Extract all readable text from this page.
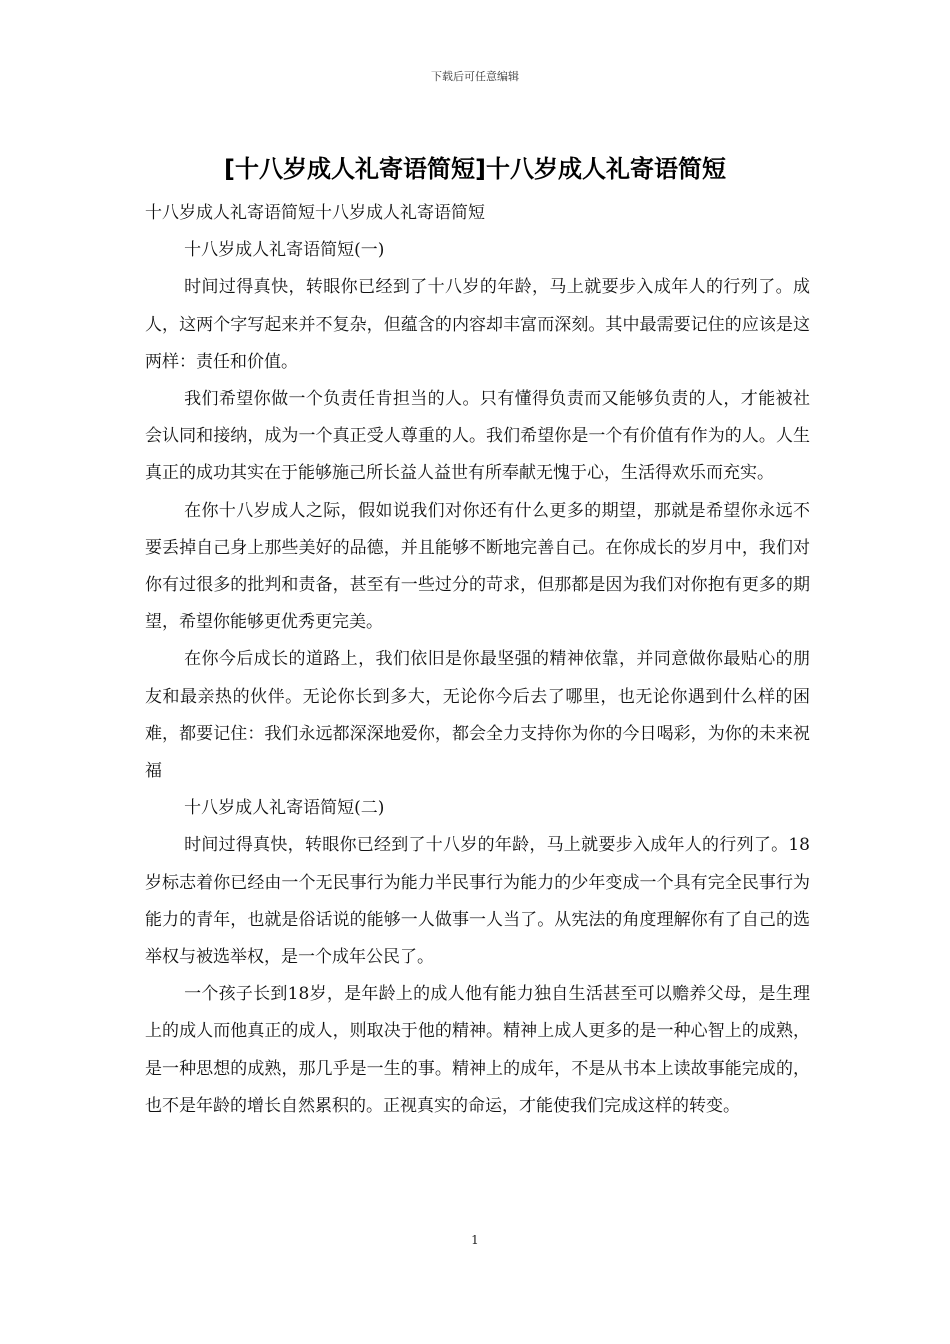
下载后可任意编辑
[十八岁成人礼寄语简短]十八岁成人礼寄语简短

十八岁成人礼寄语简短十八岁成人礼寄语简短

十八岁成人礼寄语简短(一)

时间过得真快，转眼你已经到了十八岁的年龄，马上就要步入成年人的行列了。成人，这两个字写起来并不复杂，但蕴含的内容却丰富而深刻。其中最需要记住的应该是这两样：责任和价值。

我们希望你做一个负责任肯担当的人。只有懂得负责而又能够负责的人，才能被社会认同和接纳，成为一个真正受人尊重的人。我们希望你是一个有价值有作为的人。人生真正的成功其实在于能够施己所长益人益世有所奉献无愧于心，生活得欢乐而充实。

在你十八岁成人之际，假如说我们对你还有什么更多的期望，那就是希望你永远不要丢掉自己身上那些美好的品德，并且能够不断地完善自己。在你成长的岁月中，我们对你有过很多的批判和责备，甚至有一些过分的苛求，但那都是因为我们对你抱有更多的期望，希望你能够更优秀更完美。

在你今后成长的道路上，我们依旧是你最坚强的精神依靠，并同意做你最贴心的朋友和最亲热的伙伴。无论你长到多大，无论你今后去了哪里，也无论你遇到什么样的困难，都要记住：我们永远都深深地爱你，都会全力支持你为你的今日喝彩，为你的未来祝福

十八岁成人礼寄语简短(二)

时间过得真快，转眼你已经到了十八岁的年龄，马上就要步入成年人的行列了。18岁标志着你已经由一个无民事行为能力半民事行为能力的少年变成一个具有完全民事行为能力的青年，也就是俗话说的能够一人做事一人当了。从宪法的角度理解你有了自己的选举权与被选举权，是一个成年公民了。

一个孩子长到18岁，是年龄上的成人他有能力独自生活甚至可以赡养父母，是生理上的成人而他真正的成人，则取决于他的精神。精神上成人更多的是一种心智上的成熟，是一种思想的成熟，那几乎是一生的事。精神上的成年，不是从书本上读故事能完成的，也不是年龄的增长自然累积的。正视真实的命运，才能使我们完成这样的转变。

1
